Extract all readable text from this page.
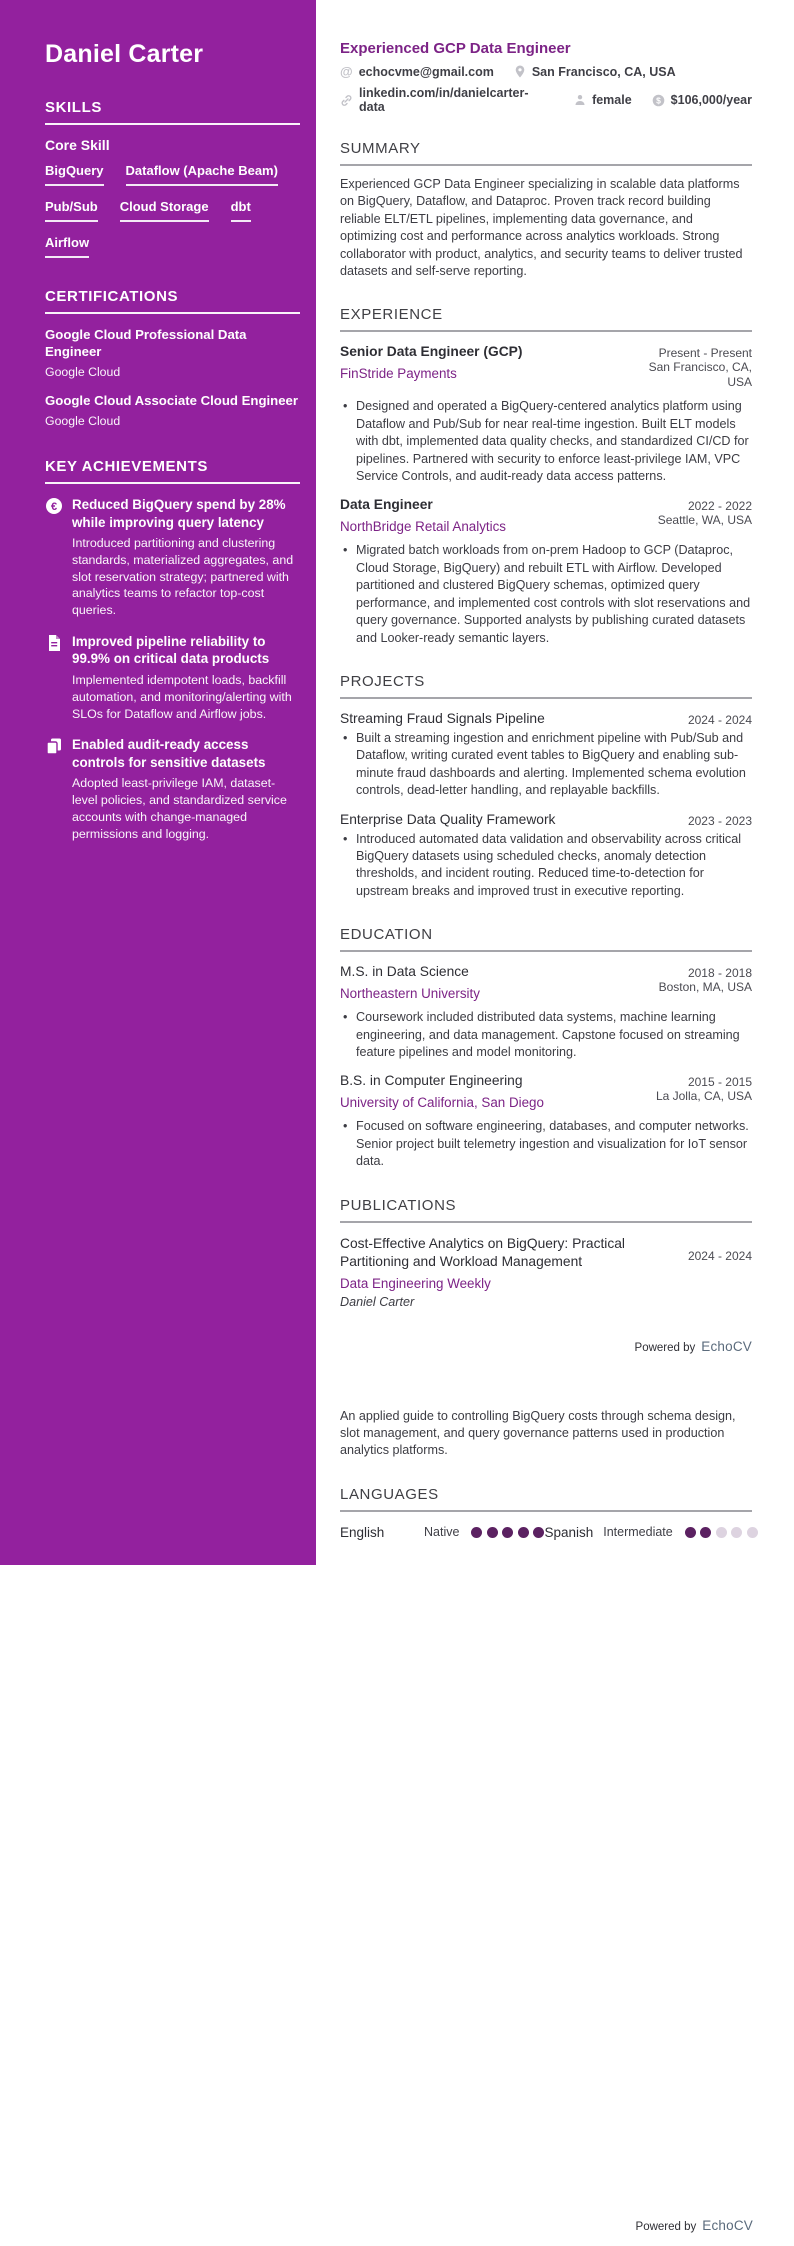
Daniel Carter
SKILLS
Core Skill
BigQuery Dataflow (Apache Beam)
Pub/Sub Cloud Storage dbt
Airflow
CERTIFICATIONS
Google Cloud Professional Data Engineer
Google Cloud
Google Cloud Associate Cloud Engineer
Google Cloud
KEY ACHIEVEMENTS
€ Reduced BigQuery spend by 28% while improving query latency
Introduced partitioning and clustering standards, materialized aggregates, and slot reservation strategy; partnered with analytics teams to refactor top-cost queries.
Improved pipeline reliability to 99.9% on critical data products
Implemented idempotent loads, backfill automation, and monitoring/alerting with SLOs for Dataflow and Airflow jobs.
Enabled audit-ready access controls for sensitive datasets
Adopted least-privilege IAM, dataset-level policies, and standardized service accounts with change-managed permissions and logging.
Experienced GCP Data Engineer
@ echocvme@gmail.com	San Francisco, CA, USA
linkedin.com/in/danielcarter-data	female	$ $106,000/year
SUMMARY

Experienced GCP Data Engineer specializing in scalable data platforms on BigQuery, Dataflow, and Dataproc. Proven track record building reliable ELT/ETL pipelines, implementing data governance, and optimizing cost and performance across analytics workloads. Strong collaborator with product, analytics, and security teams to deliver trusted datasets and self-serve reporting.

EXPERIENCE
Senior Data Engineer (GCP)	Present - Present
FinStride Payments	San Francisco, CA, USA
• Designed and operated a BigQuery-centered analytics platform using Dataflow and Pub/Sub for near real-time ingestion. Built ELT models with dbt, implemented data quality checks, and standardized CI/CD for pipelines. Partnered with security to enforce least-privilege IAM, VPC Service Controls, and audit-ready data access patterns.
Data Engineer	2022 - 2022
NorthBridge Retail Analytics	Seattle, WA, USA
• Migrated batch workloads from on-prem Hadoop to GCP (Dataproc, Cloud Storage, BigQuery) and rebuilt ETL with Airflow. Developed partitioned and clustered BigQuery schemas, optimized query performance, and implemented cost controls with slot reservations and query governance. Supported analysts by publishing curated datasets and Looker-ready semantic layers.
PROJECTS
Streaming Fraud Signals Pipeline	2024 - 2024
• Built a streaming ingestion and enrichment pipeline with Pub/Sub and Dataflow, writing curated event tables to BigQuery and enabling sub-minute fraud dashboards and alerting. Implemented schema evolution controls, dead-letter handling, and replayable backfills.
Enterprise Data Quality Framework	2023 - 2023
• Introduced automated data validation and observability across critical BigQuery datasets using scheduled checks, anomaly detection thresholds, and incident routing. Reduced time-to-detection for upstream breaks and improved trust in executive reporting.
EDUCATION
M.S. in Data Science	2018 - 2018
Northeastern University	Boston, MA, USA
• Coursework included distributed data systems, machine learning engineering, and data management. Capstone focused on streaming feature pipelines and model monitoring.
B.S. in Computer Engineering	2015 - 2015
University of California, San Diego	La Jolla, CA, USA
• Focused on software engineering, databases, and computer networks. Senior project built telemetry ingestion and visualization for IoT sensor data.
PUBLICATIONS
Cost-Effective Analytics on BigQuery: Practical Partitioning and Workload Management	2024 - 2024
Data Engineering Weekly
Daniel Carter
Powered by EchoCV

An applied guide to controlling BigQuery costs through schema design, slot management, and query governance patterns used in production analytics platforms.

LANGUAGES
English	Native	Spanish Intermediate
Powered by EchoCV
